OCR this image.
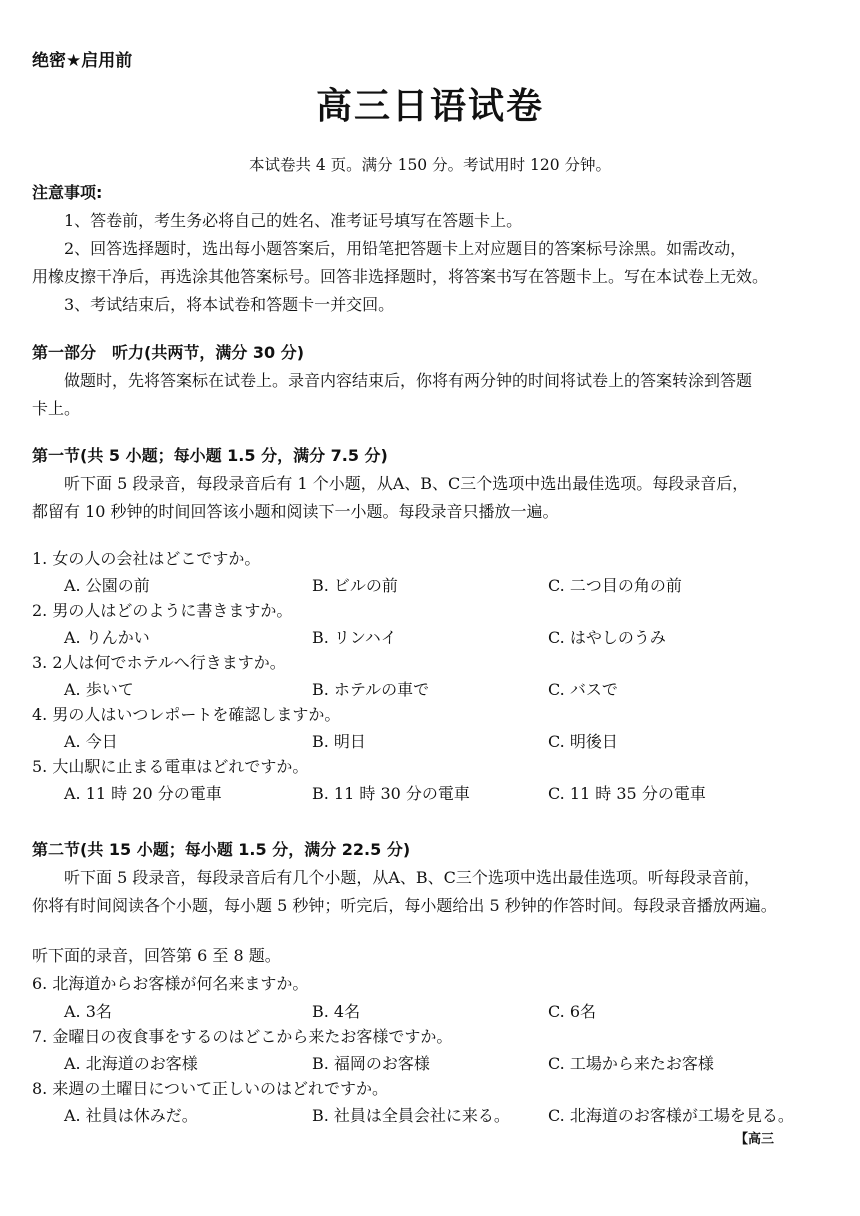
绝密★启用前
高三日语试卷
本试卷共 4 页。满分 150 分。考试用时 120 分钟。
注意事项:
1、答卷前，考生务必将自己的姓名、准考证号填写在答题卡上。
2、回答选择题时，选出每小题答案后，用铅笔把答题卡上对应题目的答案标号涂黑。如需改动，
用橡皮擦干净后，再选涂其他答案标号。回答非选择题时，将答案书写在答题卡上。写在本试卷上无效。
3、考试结束后，将本试卷和答题卡一并交回。
第一部分　听力(共两节，满分 30 分)
做题时，先将答案标在试卷上。录音内容结束后，你将有两分钟的时间将试卷上的答案转涂到答题
卡上。
第一节(共 5 小题；每小题 1.5 分，满分 7.5 分)
听下面 5 段录音，每段录音后有 1 个小题，从A、B、C三个选项中选出最佳选项。每段录音后，
都留有 10 秒钟的时间回答该小题和阅读下一小题。每段录音只播放一遍。
1. 女の人の会社はどこですか。
A. 公園の前	B. ビルの前	C. 二つ目の角の前
2. 男の人はどのように書きますか。
A. りんかい	B. リンハイ	C. はやしのうみ
3. 2人は何でホテルへ行きますか。
A. 歩いて	B. ホテルの車で	C. バスで
4. 男の人はいつレポートを確認しますか。
A. 今日	B. 明日	C. 明後日
5. 大山駅に止まる電車はどれですか。
A. 11 時 20 分の電車	B. 11 時 30 分の電車	C. 11 時 35 分の電車
第二节(共 15 小题；每小题 1.5 分，满分 22.5 分)
听下面 5 段录音，每段录音后有几个小题，从A、B、C三个选项中选出最佳选项。听每段录音前，
你将有时间阅读各个小题，每小题 5 秒钟；听完后，每小题给出 5 秒钟的作答时间。每段录音播放两遍。
听下面的录音，回答第 6 至 8 题。
6. 北海道からお客様が何名来ますか。
A. 3名	B. 4名	C. 6名
7. 金曜日の夜食事をするのはどこから来たお客様ですか。
A. 北海道のお客様	B. 福岡のお客様	C. 工場から来たお客様
8. 来週の土曜日について正しいのはどれですか。
A. 社員は休みだ。	B. 社員は全員会社に来る。 C. 北海道のお客様が工場を見る。
【高三
